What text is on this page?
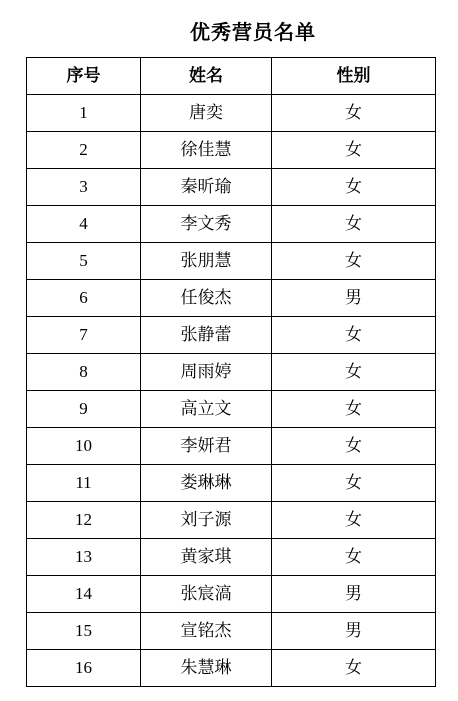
优秀营员名单
序号	姓名	性别
1	唐奕	女
2	徐佳慧	女
3	秦昕瑜	女
4	李文秀	女
5	张朋慧	女
6	任俊杰	男
7	张静蕾	女
8	周雨婷	女
9	高立文	女
10	李妍君	女
11	娄琳琳	女
12	刘子源	女
13	黄家琪	女
14	张宸滈	男
15	宣铭杰	男
16	朱慧琳	女
